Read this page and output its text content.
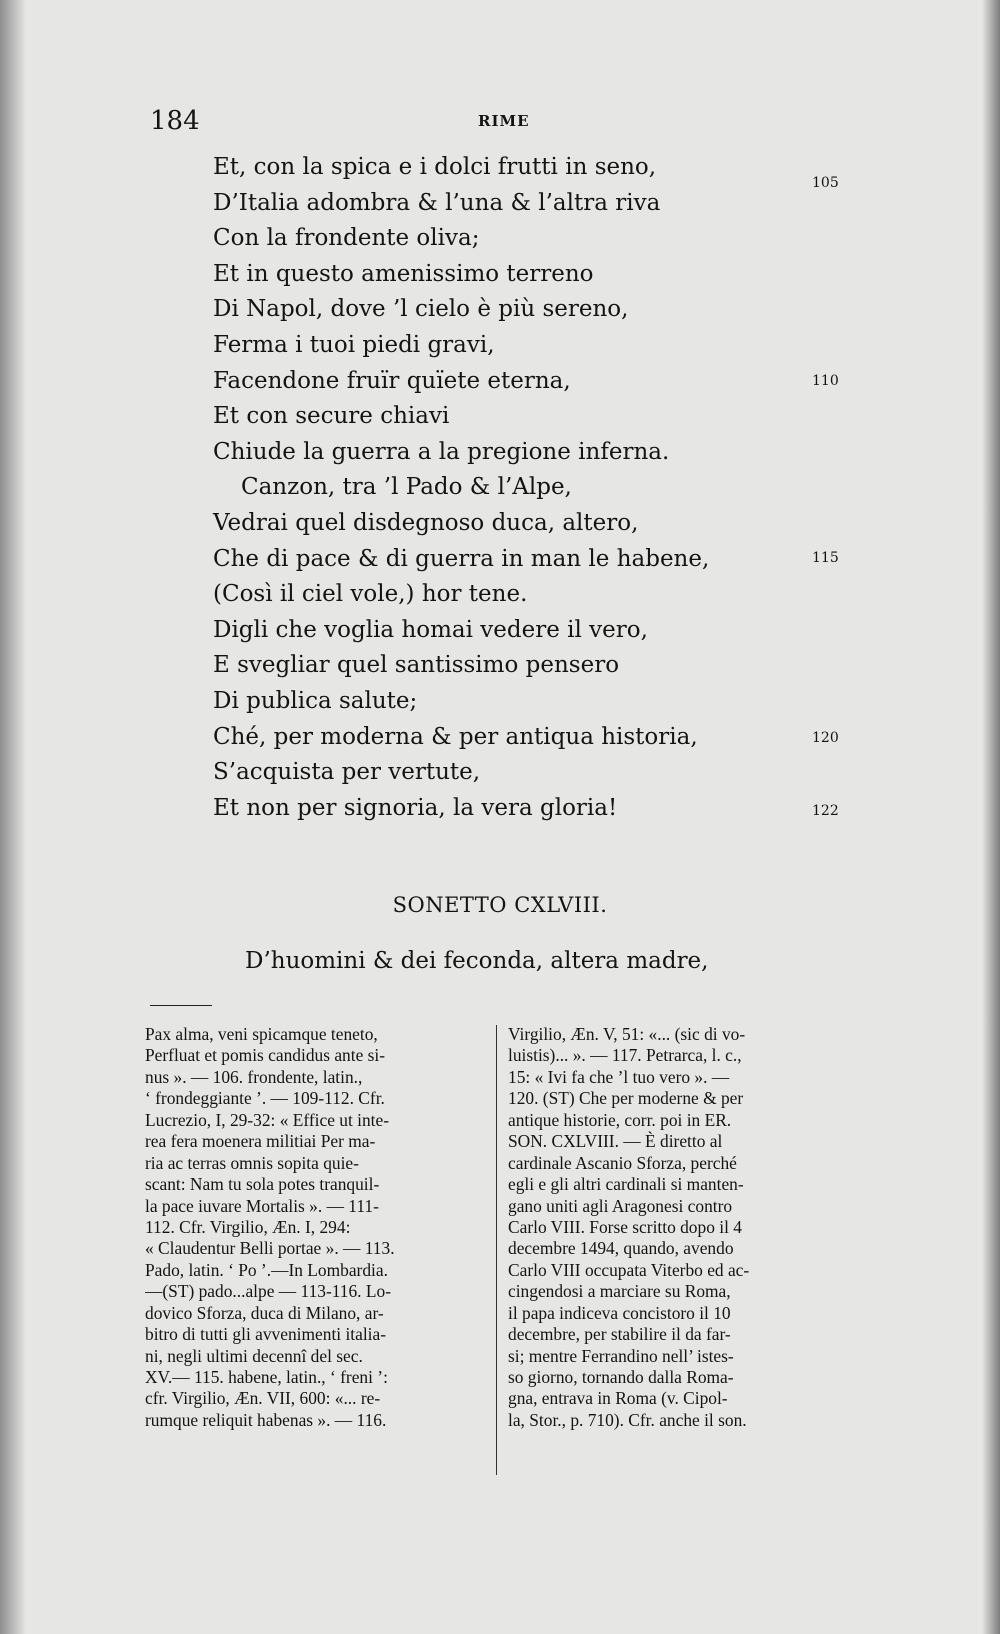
184	RIME
Et, con la spica e i dolci frutti in seno,
D’Italia adombra & l’una & l’altra riva
Con la frondente oliva;
Et in questo amenissimo terreno
Di Napol, dove ’l cielo è più sereno,
Ferma i tuoi piedi gravi,
Facendone fruïr quïete eterna,
Et con secure chiavi
Chiude la guerra a la pregione inferna.
Canzon, tra ’l Pado & l’Alpe,
Vedrai quel disdegnoso duca, altero,
Che di pace & di guerra in man le habene,
(Così il ciel vole,) hor tene.
Digli che voglia homai vedere il vero,
E svegliar quel santissimo pensero
Di publica salute;
Ché, per moderna & per antiqua historia,
S’acquista per vertute,
Et non per signoria, la vera gloria!
105
110
115
120
122
SONETTO CXLVIII.
D’huomini & dei feconda, altera madre,
Pax alma, veni spicamque teneto,
Perfluat et pomis candidus ante si-
nus ». — 106. frondente, latin.,
‘ frondeggiante ’. — 109-112. Cfr.
Lucrezio, I, 29-32: « Effice ut inte-
rea fera moenera militiai Per ma-
ria ac terras omnis sopita quie-
scant: Nam tu sola potes tranquil-
la pace iuvare Mortalis ». — 111-
112. Cfr. Virgilio, Æn. I, 294:
« Claudentur Belli portae ». — 113.
Pado, latin. ‘ Po ’.—In Lombardia.
—(ST) pado...alpe — 113-116. Lo-
dovico Sforza, duca di Milano, ar-
bitro di tutti gli avvenimenti italia-
ni, negli ultimi decennî del sec.
XV.— 115. habene, latin., ‘ freni ’:
cfr. Virgilio, Æn. VII, 600: «... re-
rumque reliquit habenas ». — 116.
Virgilio, Æn. V, 51: «... (sic di vo-
luistis)... ». — 117. Petrarca, l. c.,
15: « Ivi fa che ’l tuo vero ». —
120. (ST) Che per moderne & per
antique historie, corr. poi in ER.
SON. CXLVIII. — È diretto al
cardinale Ascanio Sforza, perché
egli e gli altri cardinali si manten-
gano uniti agli Aragonesi contro
Carlo VIII. Forse scritto dopo il 4
decembre 1494, quando, avendo
Carlo VIII occupata Viterbo ed ac-
cingendosi a marciare su Roma,
il papa indiceva concistoro il 10
decembre, per stabilire il da far-
si; mentre Ferrandino nell’ istes-
so giorno, tornando dalla Roma-
gna, entrava in Roma (v. Cipol-
la, Stor., p. 710). Cfr. anche il son.
